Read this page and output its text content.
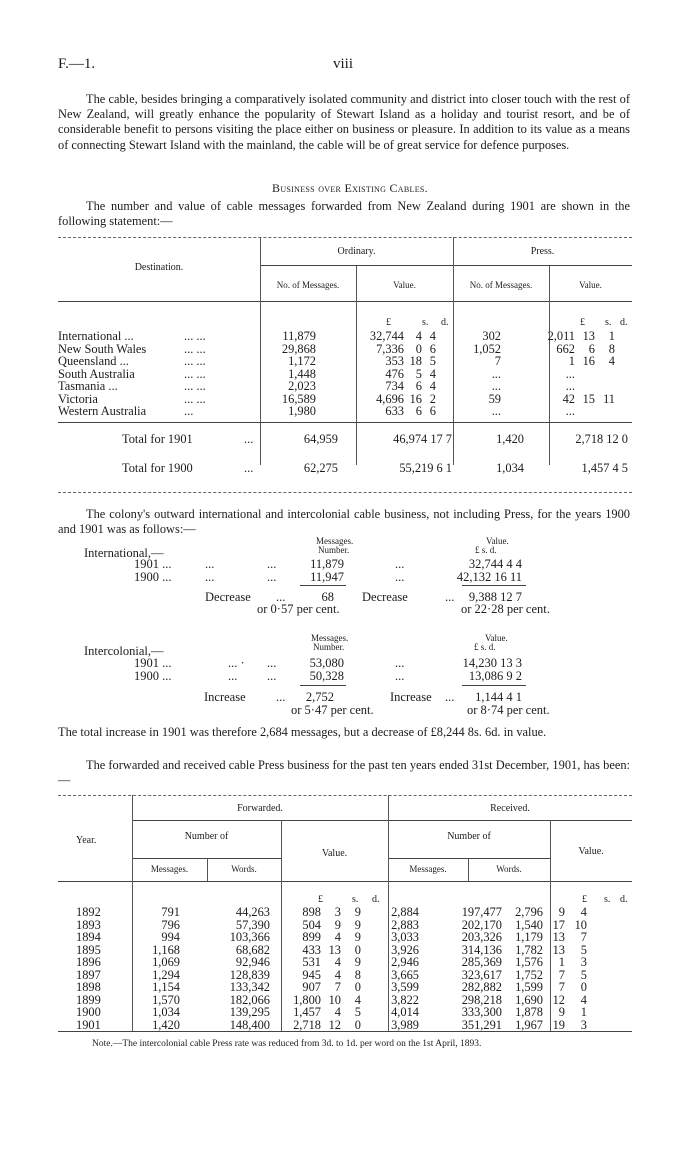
F.—1.	viii

The cable, besides bringing a comparatively isolated community and district into closer touch with the rest of New Zealand, will greatly enhance the popularity of Stewart Island as a holiday and tourist resort, and be of considerable benefit to persons visiting the place either on business or pleasure. In addition to its value as a means of connecting Stewart Island with the mainland, the cable will be of great service for defence purposes.

Business over Existing Cables.

The number and value of cable messages forwarded from New Zealand during 1901 are shown in the following statement:—

Destination.
Ordinary.	Press.
No. of Messages.	Value.	No. of Messages.	Value.
£	s. d.	£ s. d.
International ...	... ...	11,879		32,744	4	4		302		2,011	13	1
New South Wales	... ...	29,868		7,336	0	6		1,052		662	6	8
Queensland ...	... ...	1,172		353	18	5		7		1	16	4
South Australia	... ...	1,448		476	5	4		...		...		
Tasmania ...	... ...	2,023		734	6	4		...		...		
Victoria	... ...	16,589		4,696	16	2		59		42	15	11
Western Australia	...	1,980		633	6	6		...		...		
Total for 1901	...	64,959	46,974 17 7	1,420	2,718 12 0
Total for 1900	...	62,275	55,219 6 1	1,034	1,457 4 5

The colony's outward international and intercolonial cable business, not including Press, for the years 1900 and 1901 was as follows:—

Messages.
Number.
Value.
£ s. d.
International,—
1901 ...	...	...	11,879	...	32,744 4 4
1900 ...	...	...	11,947	...	42,132 16 11
Decrease ...	68 Decrease	...	9,388 12 7
or 0·57 per cent.	or 22·28 per cent.
Messages.
Number.
Value.
£ s. d.
Intercolonial,—
1901 ...	... · ...	53,080	...	14,230 13 3
1900 ...	... ...	50,328	...	13,086 9 2
Increase ...	2,752	Increase ...	1,144 4 1
or 5·47 per cent.	or 8·74 per cent.

The total increase in 1901 was therefore 2,684 messages, but a decrease of £8,244 8s. 6d. in value.

The forwarded and received cable Press business for the past ten years ended 31st December, 1901, has been:—

Year.
Forwarded.	Received.
Number of	Number of
Value.	Value.
Messages.	Words.	Messages.	Words.
£	s. d.	£ s. d.
	1892	791	44,263	898	3	9		2,884	197,477	2,796	9	4
	1893	796	57,390	504	9	9		2,883	202,170	1,540	17	10
	1894	994	103,366	899	4	9		3,033	203,326	1,179	13	7
	1895	1,168	68,682	433	13	0		3,926	314,136	1,782	13	5
	1896	1,069	92,946	531	4	9		2,946	285,369	1,576	1	3
	1897	1,294	128,839	945	4	8		3,665	323,617	1,752	7	5
	1898	1,154	133,342	907	7	0		3,599	282,882	1,599	7	0
	1899	1,570	182,066	1,800	10	4		3,822	298,218	1,690	12	4
	1900	1,034	139,295	1,457	4	5		4,014	333,300	1,878	9	1
	1901	1,420	148,400	2,718	12	0		3,989	351,291	1,967	19	3
Note.—The intercolonial cable Press rate was reduced from 3d. to 1d. per word on the 1st April, 1893.
